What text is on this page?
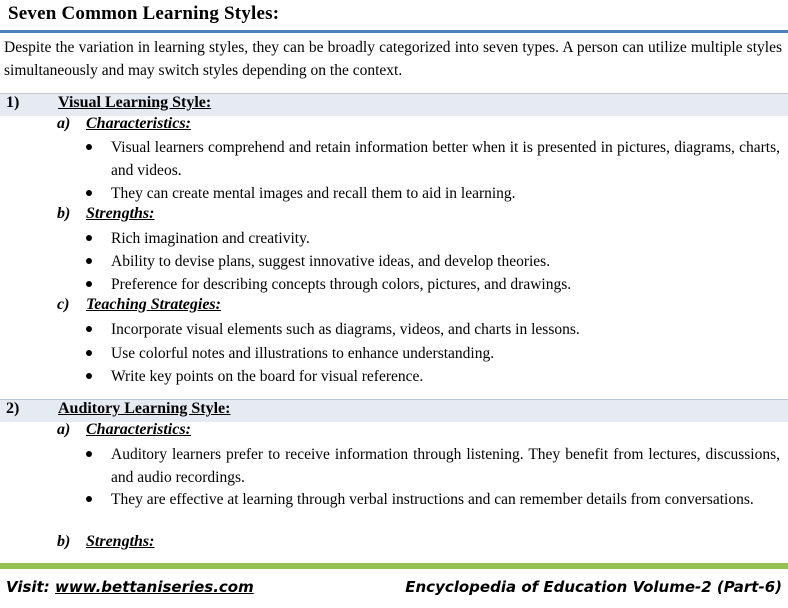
Seven Common Learning Styles:
Despite the variation in learning styles, they can be broadly categorized into seven types. A person can utilize multiple styles simultaneously and may switch styles depending on the context.
1) Visual Learning Style:
a) Characteristics:
Visual learners comprehend and retain information better when it is presented in pictures, diagrams, charts, and videos.
They can create mental images and recall them to aid in learning.
b) Strengths:
Rich imagination and creativity.
Ability to devise plans, suggest innovative ideas, and develop theories.
Preference for describing concepts through colors, pictures, and drawings.
c) Teaching Strategies:
Incorporate visual elements such as diagrams, videos, and charts in lessons.
Use colorful notes and illustrations to enhance understanding.
Write key points on the board for visual reference.
2) Auditory Learning Style:
a) Characteristics:
Auditory learners prefer to receive information through listening. They benefit from lectures, discussions, and audio recordings.
They are effective at learning through verbal instructions and can remember details from conversations.
b) Strengths:
Visit: www.bettaniseries.com	Encyclopedia of Education Volume-2 (Part-6)
